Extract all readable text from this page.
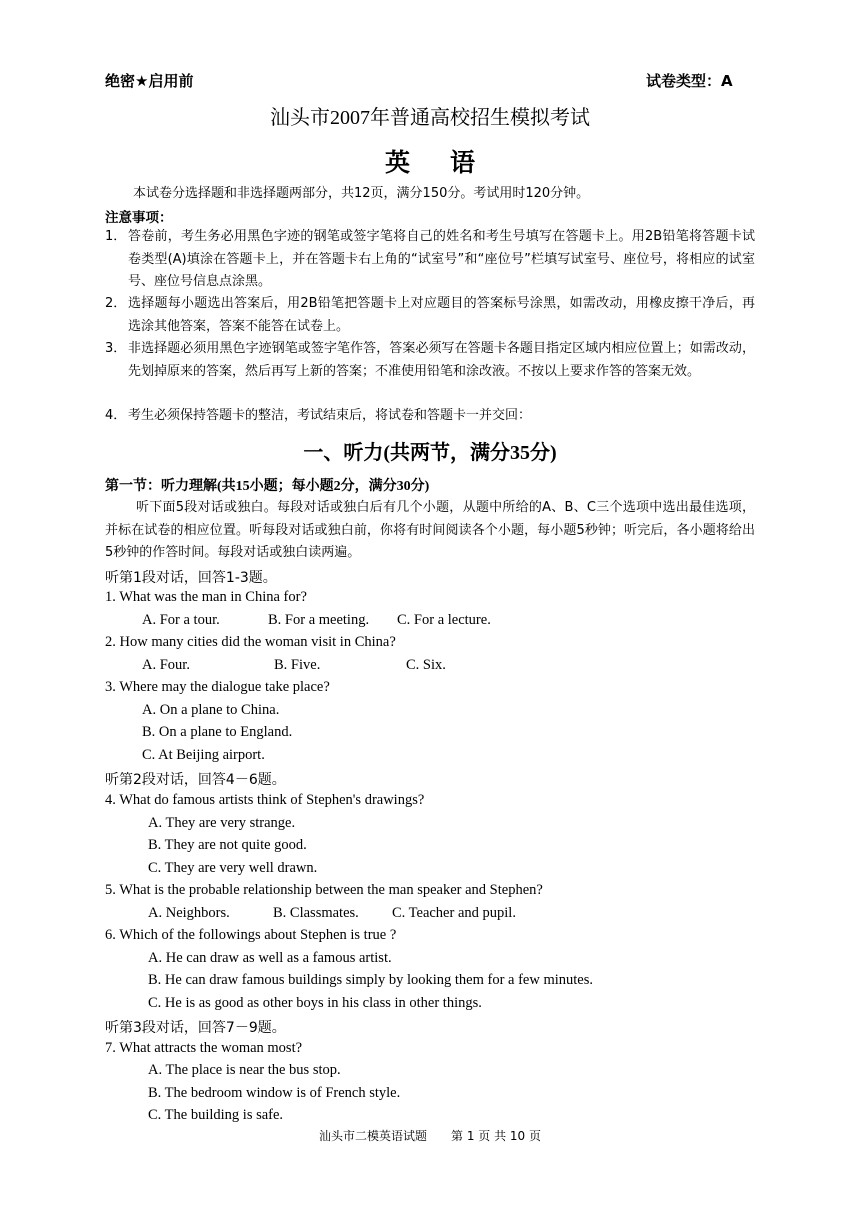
绝密★启用前	试卷类型：A
汕头市2007年普通高校招生模拟考试
英语
本试卷分选择题和非选择题两部分，共12页，满分150分。考试用时120分钟。
注意事项：
1． 答卷前，考生务必用黑色字迹的钢笔或签字笔将自己的姓名和考生号填写在答题卡上。用2B铅笔将答题卡试卷类型(A)填涂在答题卡上，并在答题卡右上角的“试室号”和“座位号”栏填写试室号、座位号，将相应的试室号、座位号信息点涂黑。
2． 选择题每小题选出答案后，用2B铅笔把答题卡上对应题目的答案标号涂黑，如需改动，用橡皮擦干净后，再选涂其他答案，答案不能答在试卷上。
3． 非选择题必须用黑色字迹钢笔或签字笔作答，答案必须写在答题卡各题目指定区域内相应位置上；如需改动，先划掉原来的答案，然后再写上新的答案；不准使用铅笔和涂改液。不按以上要求作答的答案无效。
4． 考生必须保持答题卡的整洁，考试结束后，将试卷和答题卡一并交回：
一、听力(共两节，满分35分)
第一节：听力理解(共15小题；每小题2分，满分30分)
听下面5段对话或独白。每段对话或独白后有几个小题，从题中所给的A、B、C三个选项中选出最佳选项，并标在试卷的相应位置。听每段对话或独白前，你将有时间阅读各个小题，每小题5秒钟；听完后，各小题将给出5秒钟的作答时间。每段对话或独白读两遍。
听第1段对话，回答1-3题。
1. What was the man in China for?
A. For a tour.	B. For a meeting. C. For a lecture.
2. How many cities did the woman visit in China?
A. Four.	B. Five.	C. Six.
3. Where may the dialogue take place?
A. On a plane to China.
B. On a plane to England.
C. At Beijing airport.
听第2段对话，回答4－6题。
4. What do famous artists think of Stephen's drawings?
A. They are very strange.
B. They are not quite good.
C. They are very well drawn.
5. What is the probable relationship between the man speaker and Stephen?
A. Neighbors.	B. Classmates. C. Teacher and pupil.
6. Which of the followings about Stephen is true ?
A. He can draw as well as a famous artist.
B. He can draw famous buildings simply by looking them for a few minutes.
C. He is as good as other boys in his class in other things.
听第3段对话，回答7－9题。
7. What attracts the woman most?
A. The place is near the bus stop.
B. The bedroom window is of French style.
C. The building is safe.
汕头市二模英语试题　　第 1 页 共 10 页
